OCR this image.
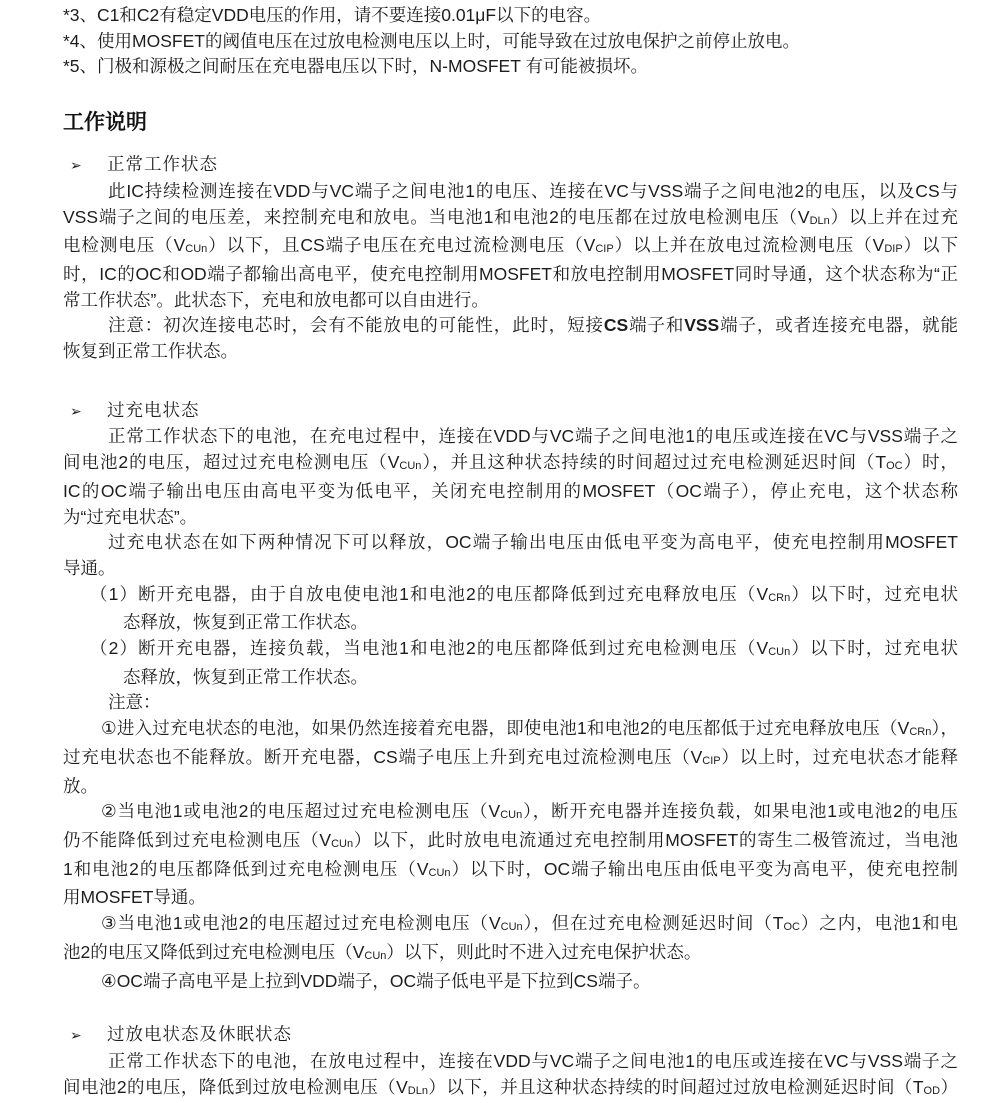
*3、C1和C2有稳定VDD电压的作用，请不要连接0.01μF以下的电容。
*4、使用MOSFET的阈值电压在过放电检测电压以上时，可能导致在过放电保护之前停止放电。
*5、门极和源极之间耐压在充电器电压以下时，N-MOSFET 有可能被损坏。
工作说明
➢ 正常工作状态
此IC持续检测连接在VDD与VC端子之间电池1的电压、连接在VC与VSS端子之间电池2的电压，以及CS与
VSS端子之间的电压差，来控制充电和放电。当电池1和电池2的电压都在过放电检测电压（VDLn）以上并在过充
电检测电压（VCUn）以下，且CS端子电压在充电过流检测电压（VCIP）以上并在放电过流检测电压（VDIP）以下
时，IC的OC和OD端子都输出高电平，使充电控制用MOSFET和放电控制用MOSFET同时导通，这个状态称为“正
常工作状态”。此状态下，充电和放电都可以自由进行。
注意：初次连接电芯时，会有不能放电的可能性，此时，短接CS端子和VSS端子，或者连接充电器，就能
恢复到正常工作状态。
➢ 过充电状态
正常工作状态下的电池，在充电过程中，连接在VDD与VC端子之间电池1的电压或连接在VC与VSS端子之
间电池2的电压，超过过充电检测电压（VCUn），并且这种状态持续的时间超过过充电检测延迟时间（TOC）时，
IC的OC端子输出电压由高电平变为低电平，关闭充电控制用的MOSFET（OC端子），停止充电，这个状态称
为“过充电状态”。
过充电状态在如下两种情况下可以释放，OC端子输出电压由低电平变为高电平，使充电控制用MOSFET
导通。
（1）断开充电器，由于自放电使电池1和电池2的电压都降低到过充电释放电压（VCRn）以下时，过充电状
态释放，恢复到正常工作状态。
（2）断开充电器，连接负载，当电池1和电池2的电压都降低到过充电检测电压（VCUn）以下时，过充电状
态释放，恢复到正常工作状态。
注意：
①进入过充电状态的电池，如果仍然连接着充电器，即使电池1和电池2的电压都低于过充电释放电压（VCRn），
过充电状态也不能释放。断开充电器，CS端子电压上升到充电过流检测电压（VCIP）以上时，过充电状态才能释
放。
②当电池1或电池2的电压超过过充电检测电压（VCUn），断开充电器并连接负载，如果电池1或电池2的电压
仍不能降低到过充电检测电压（VCUn）以下，此时放电电流通过充电控制用MOSFET的寄生二极管流过，当电池
1和电池2的电压都降低到过充电检测电压（VCUn）以下时，OC端子输出电压由低电平变为高电平，使充电控制
用MOSFET导通。
③当电池1或电池2的电压超过过充电检测电压（VCUn），但在过充电检测延迟时间（TOC）之内，电池1和电
池2的电压又降低到过充电检测电压（VCUn）以下，则此时不进入过充电保护状态。
④OC端子高电平是上拉到VDD端子，OC端子低电平是下拉到CS端子。
➢ 过放电状态及休眠状态
正常工作状态下的电池，在放电过程中，连接在VDD与VC端子之间电池1的电压或连接在VC与VSS端子之
间电池2的电压，降低到过放电检测电压（VDLn）以下，并且这种状态持续的时间超过过放电检测延迟时间（TOD）
